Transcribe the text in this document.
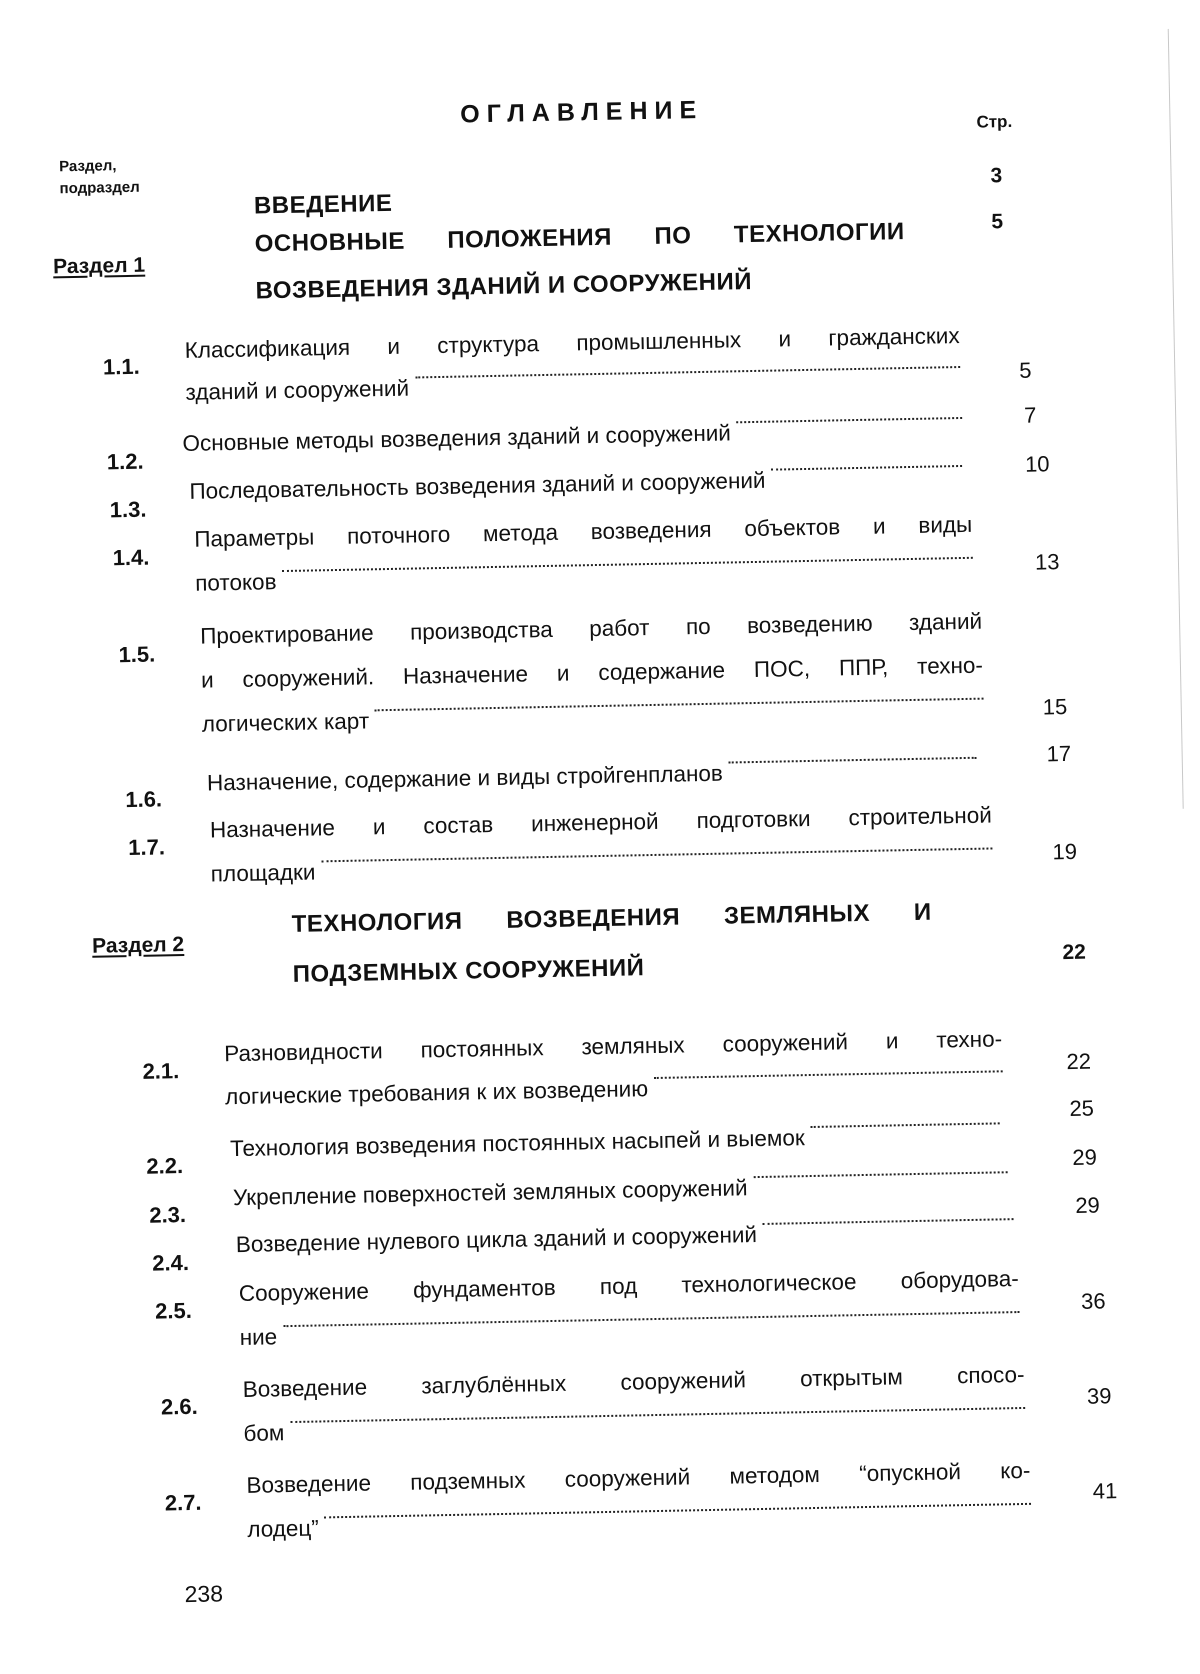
ОГЛАВЛЕНИЕ
Раздел,
подраздел
Стр.
ВВЕДЕНИЕ
3
Раздел 1
ОСНОВНЫЕ ПОЛОЖЕНИЯ ПО ТЕХНОЛОГИИ
ВОЗВЕДЕНИЯ ЗДАНИЙ И СООРУЖЕНИЙ
5
1.1.
Классификация и структура промышленных и гражданских
зданий и сооружений
5
1.2.
Основные методы возведения зданий и сооружений
7
1.3.
Последовательность возведения зданий и сооружений
10
1.4.
Параметры поточного метода возведения объектов и виды
потоков
13
1.5.
Проектирование производства работ по возведению зданий
и сооружений. Назначение и содержание ПОС, ППР, техно-
логических карт
15
1.6.
Назначение, содержание и виды стройгенпланов
17
1.7.
Назначение и состав инженерной подготовки строительной
площадки
19
Раздел 2
ТЕХНОЛОГИЯ ВОЗВЕДЕНИЯ ЗЕМЛЯНЫХ И
ПОДЗЕМНЫХ СООРУЖЕНИЙ
22
2.1.
Разновидности постоянных земляных сооружений и техно-
логические требования к их возведению
22
2.2.
Технология возведения постоянных насыпей и выемок
25
2.3.
Укрепление поверхностей земляных сооружений
29
2.4.
Возведение нулевого цикла зданий и сооружений
29
2.5.
Сооружение фундаментов под технологическое оборудова-
ние
36
2.6.
Возведение заглублённых сооружений открытым спосо-
бом
39
2.7.
Возведение подземных сооружений методом “опускной ко-
лодец”
41
238
